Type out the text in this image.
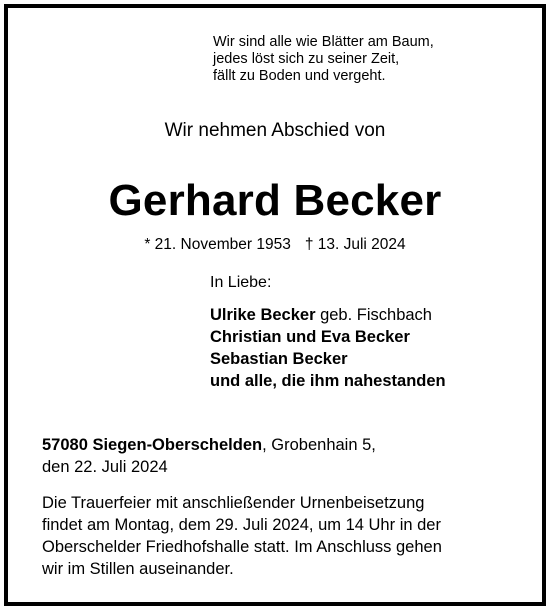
Wir sind alle wie Blätter am Baum,
jedes löst sich zu seiner Zeit,
fällt zu Boden und vergeht.
Wir nehmen Abschied von
Gerhard Becker
* 21. November 1953 † 13. Juli 2024
In Liebe:
Ulrike Becker geb. Fischbach
Christian und Eva Becker
Sebastian Becker
und alle, die ihm nahestanden
57080 Siegen-Oberschelden, Grobenhain 5,
den 22. Juli 2024
Die Trauerfeier mit anschließender Urnenbeisetzung
findet am Montag, dem 29. Juli 2024, um 14 Uhr in der
Oberschelder Friedhofshalle statt. Im Anschluss gehen
wir im Stillen auseinander.
